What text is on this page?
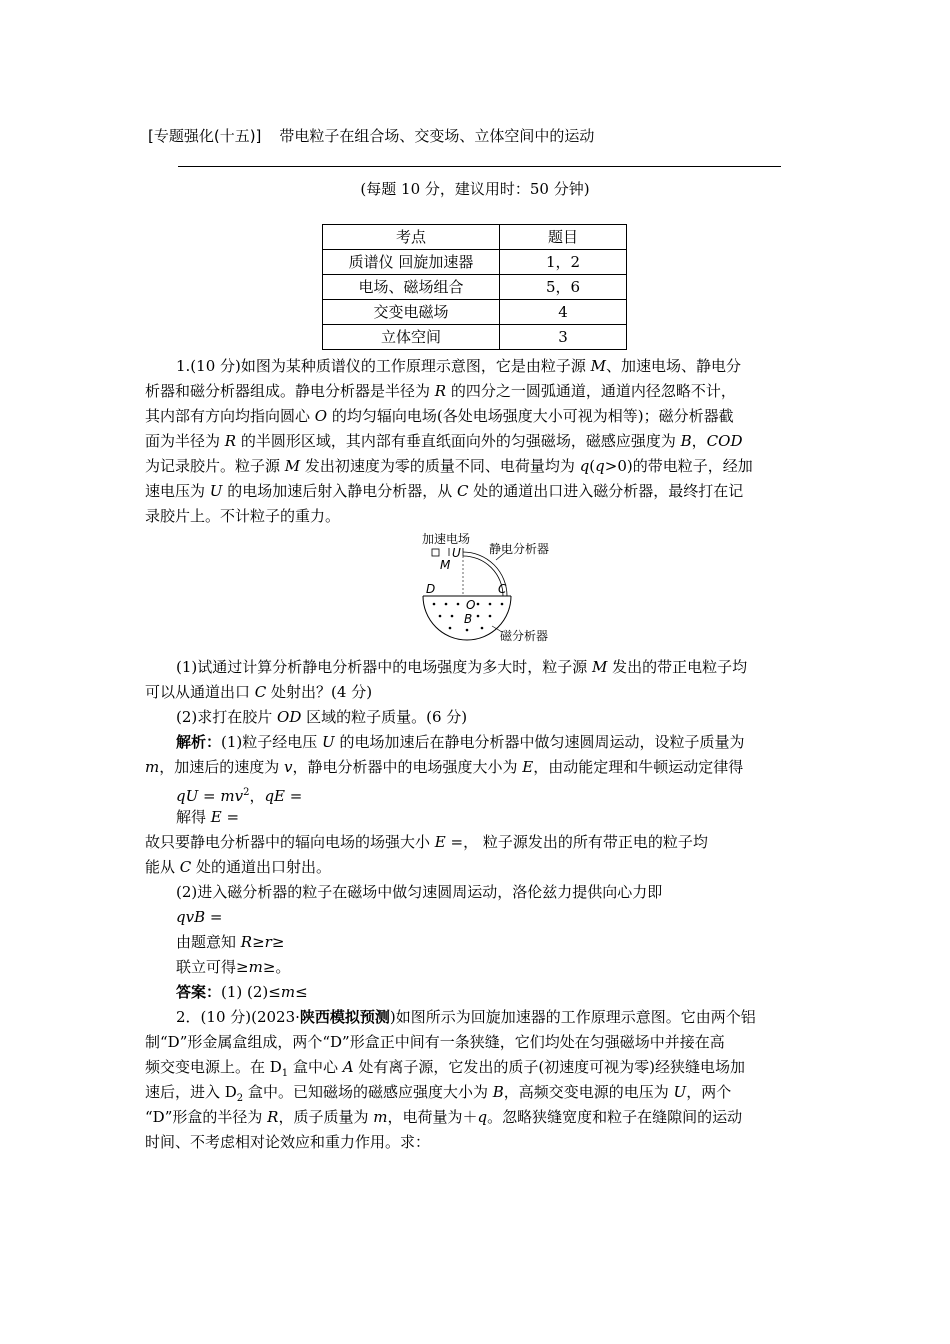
[专题强化(十五)] 带电粒子在组合场、交变场、立体空间中的运动
(每题 10 分，建议用时：50 分钟)
考点	题目
质谱仪 回旋加速器	1，2
电场、磁场组合	5，6
交变电磁场	4
立体空间	3
1.(10 分)如图为某种质谱仪的工作原理示意图，它是由粒子源 M、加速电场、静电分
析器和磁分析器组成。静电分析器是半径为 R 的四分之一圆弧通道，通道内径忽略不计，
其内部有方向均指向圆心 O 的均匀辐向电场(各处电场强度大小可视为相等)；磁分析器截
面为半径为 R 的半圆形区域，其内部有垂直纸面向外的匀强磁场，磁感应强度为 B，COD
为记录胶片。粒子源 M 发出初速度为零的质量不同、电荷量均为 q(q>0)的带电粒子，经加
速电压为 U 的电场加速后射入静电分析器，从 C 处的通道出口进入磁分析器，最终打在记
录胶片上。不计粒子的重力。
加速电场
U
M
静电分析器
D	C
O
B
磁分析器
(1)试通过计算分析静电分析器中的电场强度为多大时，粒子源 M 发出的带正电粒子均
可以从通道出口 C 处射出？(4 分)
(2)求打在胶片 OD 区域的粒子质量。(6 分)
解析：(1)粒子经电压 U 的电场加速后在静电分析器中做匀速圆周运动，设粒子质量为
m，加速后的速度为 v，静电分析器中的电场强度大小为 E，由动能定理和牛顿运动定律得
qU = $mv^2$，qE =
解得 E =
故只要静电分析器中的辐向电场的场强大小 E =， 粒子源发出的所有带正电的粒子均
能从 C 处的通道出口射出。
(2)进入磁分析器的粒子在磁场中做匀速圆周运动，洛伦兹力提供向心力即
qvB =
由题意知 R≥r≥
联立可得≥m≥。
答案：(1) (2)≤m≤
2．(10 分)(2023·陕西模拟预测)如图所示为回旋加速器的工作原理示意图。它由两个铝
制“D”形金属盒组成，两个“D”形盒正中间有一条狭缝，它们均处在匀强磁场中并接在高
频交变电源上。在 $D_1$ 盒中心 A 处有离子源，它发出的质子(初速度可视为零)经狭缝电场加
速后，进入 $D_2$ 盒中。已知磁场的磁感应强度大小为 B，高频交变电源的电压为 U，两个
“D”形盒的半径为 R，质子质量为 m，电荷量为＋q。忽略狭缝宽度和粒子在缝隙间的运动
时间、不考虑相对论效应和重力作用。求：
